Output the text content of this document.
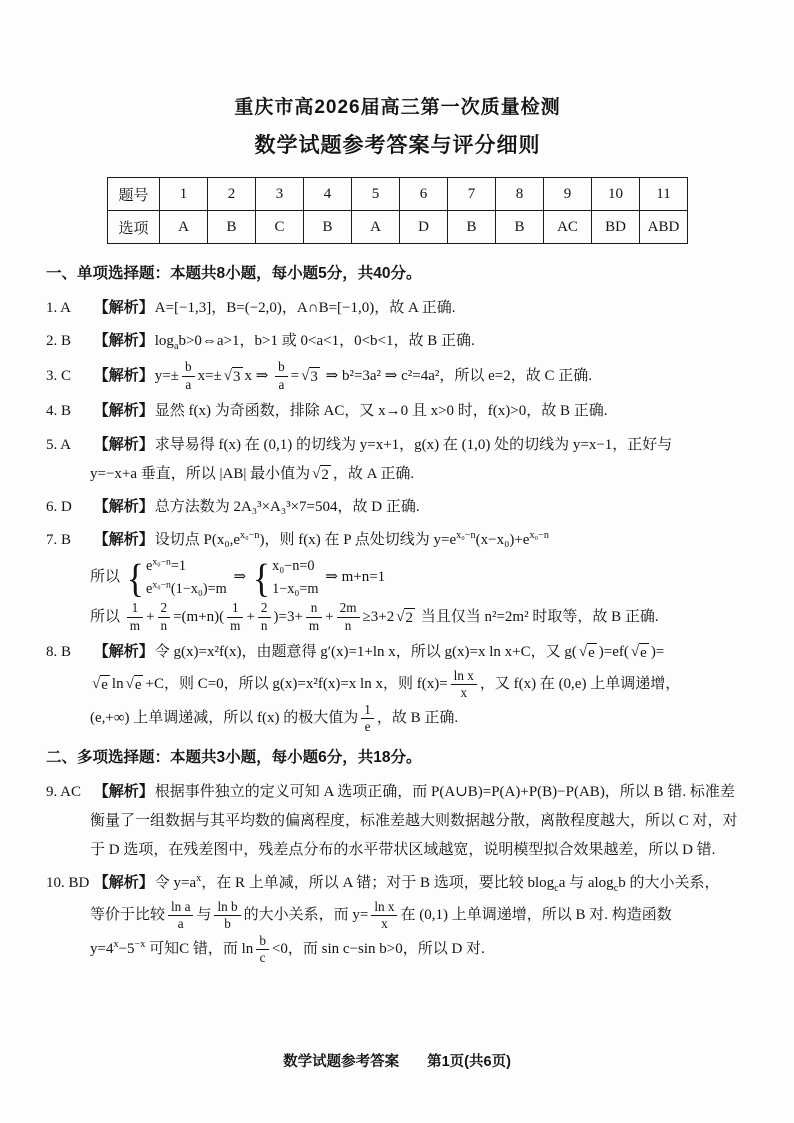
重庆市高2026届高三第一次质量检测
数学试题参考答案与评分细则
题号	1	2	3	4	5	6	7	8	9	10	11
选项	A	B	C	B	A	D	B	B	AC	BD	ABD
一、单项选择题：本题共8小题，每小题5分，共40分。
1. A 【解析】A=[−1,3]，B=(−2,0)，A∩B=[−1,0)，故 A 正确.
2. B 【解析】$\log_ab>0\Leftrightarrow a>1$，b>1 或 0<a<1，0<b<1，故 B 正确.
3. C 【解析】$y=\pm \frac{b}{a} x=\pm$ √ 3 x ⇒ $\frac{b}{a}$ = √ 3 ⇒ b²=3a² ⇒ c²=4a²，所以 e=2，故 C 正确.
4. B 【解析】显然 f(x) 为奇函数，排除 AC，又 x→0 且 x>0 时，f(x)>0，故 B 正确.
5. A 【解析】求导易得 f(x) 在 (0,1) 的切线为 y=x+1，g(x) 在 (1,0) 处的切线为 y=x−1，正好与
y=−x+a 垂直，所以 |AB| 最小值为 √ 2 ，故 A 正确.
6. D 【解析】总方法数为 2A₃³×A₃³×7=504，故 D 正确.
7. B 【解析】设切点 $P(x_0,e^{x_0-n})$，则 f(x) 在 P 点处切线为 $y=e^{x_0-n}(x-x_0)+e^{x_0-n}$
所以 { $e^{x_0-n}=1$
$e^{x_0-n}(1-x_0)=m$
⇒ { x₀−n=0
1−x₀=m
⇒ m+n=1
所以 $\frac{1}{m} + \frac{2}{n} =(m+n)( \frac{1}{m} + \frac{2}{n} )=3+ \frac{n}{m} + \frac{2m}{n} \ge 3+2$ √ 2 当且仅当 n²=2m² 时取等，故 B 正确.
8. B 【解析】令 g(x)=x²f(x)，由题意得 g′(x)=1+ln x，所以 g(x)=x ln x+C，又 g( √ e )=ef( √ e )=

√ e ln √ e +C，则 C=0，所以 g(x)=x²f(x)=x ln x，则 $f(x)= \frac{\text{ln x}}{x}$ ，又 f(x) 在 (0,e) 上单调递增，
(e,+∞) 上单调递减，所以 f(x) 的极大值为 $\frac{1}{e}$ ，故 B 正确.
二、多项选择题：本题共3小题，每小题6分，共18分。
9. AC 【解析】根据事件独立的定义可知 A 选项正确，而 P(A∪B)=P(A)+P(B)−P(AB)，所以 B 错. 标准差衡量了一组数据与其平均数的偏离程度，标准差越大则数据越分散，离散程度越大，所以 C 对，对于 D 选项，在残差图中，残差点分布的水平带状区域越宽，说明模型拟合效果越差，所以 D 错.
10. BD 【解析】令 $y=a^x$，在 R 上单减，所以 A 错；对于 B 选项，要比较 blog$_c$a 与 alog$_c$b 的大小关系，
等价于比较 $\frac{\text{ln a}}{a}$ 与 $\frac{\text{ln b}}{b}$ 的大小关系，而 $y= \frac{\text{ln x}}{x}$ 在 (0,1) 上单调递增，所以 B 对. 构造函数
$y=4^x-5^{-x}$ 可知C 错，而 $\ln \frac{b}{c} <0$，而 sin c−sin b>0，所以 D 对.
数学试题参考答案 第1页(共6页)
